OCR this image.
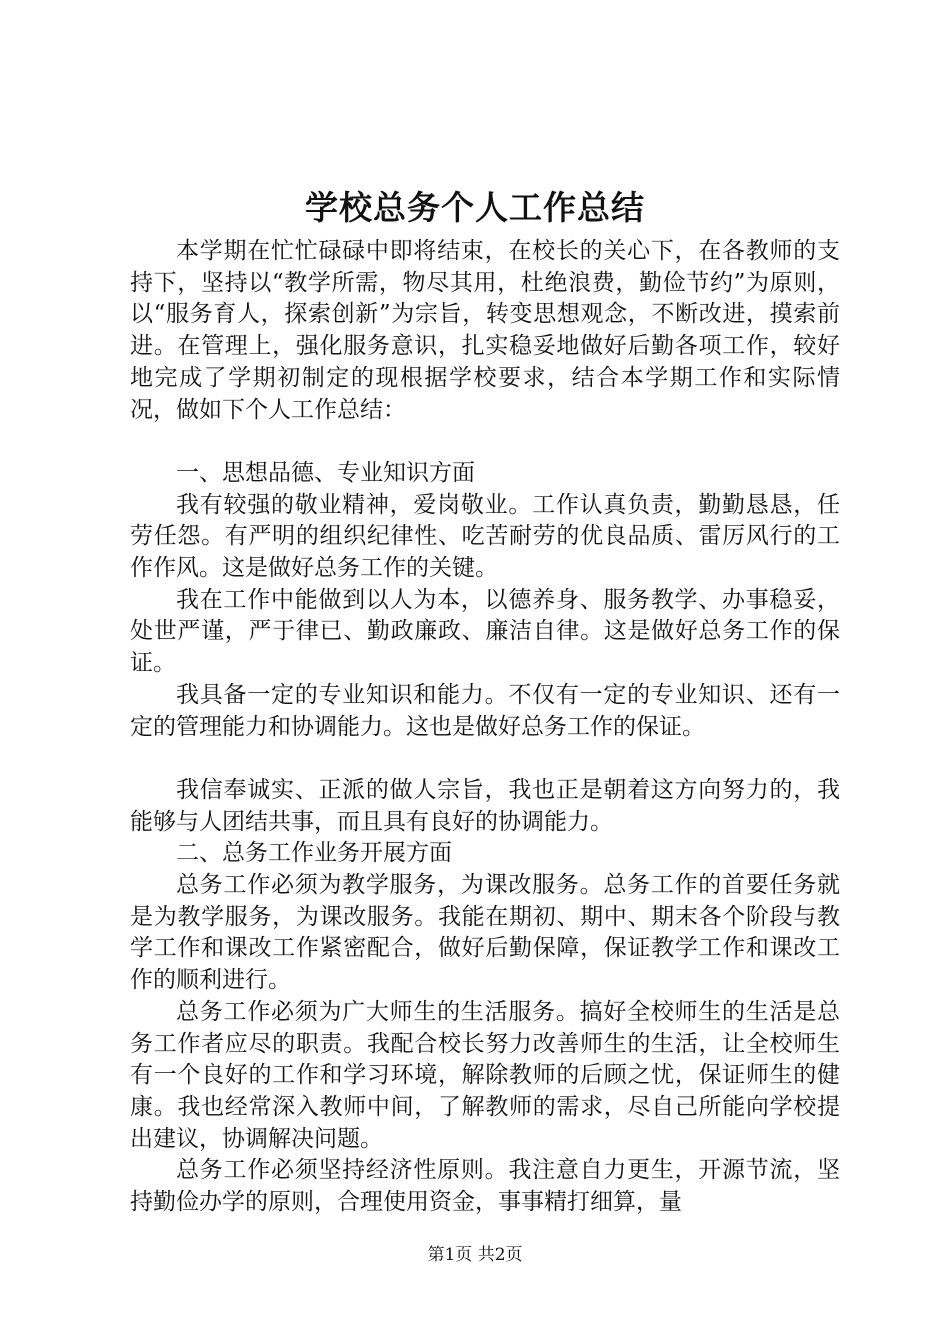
学校总务个人工作总结

本学期在忙忙碌碌中即将结束，在校长的关心下，在各教师的支持下，坚持以“教学所需，物尽其用，杜绝浪费，勤俭节约”为原则，以“服务育人，探索创新”为宗旨，转变思想观念，不断改进，摸索前进。在管理上，强化服务意识，扎实稳妥地做好后勤各项工作，较好地完成了学期初制定的现根据学校要求，结合本学期工作和实际情况，做如下个人工作总结：

一、思想品德、专业知识方面

我有较强的敬业精神，爱岗敬业。工作认真负责，勤勤恳恳，任劳任怨。有严明的组织纪律性、吃苦耐劳的优良品质、雷厉风行的工作作风。这是做好总务工作的关键。

我在工作中能做到以人为本，以德养身、服务教学、办事稳妥，处世严谨，严于律已、勤政廉政、廉洁自律。这是做好总务工作的保证。

我具备一定的专业知识和能力。不仅有一定的专业知识、还有一定的管理能力和协调能力。这也是做好总务工作的保证。

我信奉诚实、正派的做人宗旨，我也正是朝着这方向努力的，我能够与人团结共事，而且具有良好的协调能力。

二、总务工作业务开展方面

总务工作必须为教学服务，为课改服务。总务工作的首要任务就是为教学服务，为课改服务。我能在期初、期中、期末各个阶段与教学工作和课改工作紧密配合，做好后勤保障，保证教学工作和课改工作的顺利进行。

总务工作必须为广大师生的生活服务。搞好全校师生的生活是总务工作者应尽的职责。我配合校长努力改善师生的生活，让全校师生有一个良好的工作和学习环境，解除教师的后顾之忧，保证师生的健康。我也经常深入教师中间，了解教师的需求，尽自己所能向学校提出建议，协调解决问题。

总务工作必须坚持经济性原则。我注意自力更生，开源节流，坚持勤俭办学的原则，合理使用资金，事事精打细算，量

第1页 共2页
